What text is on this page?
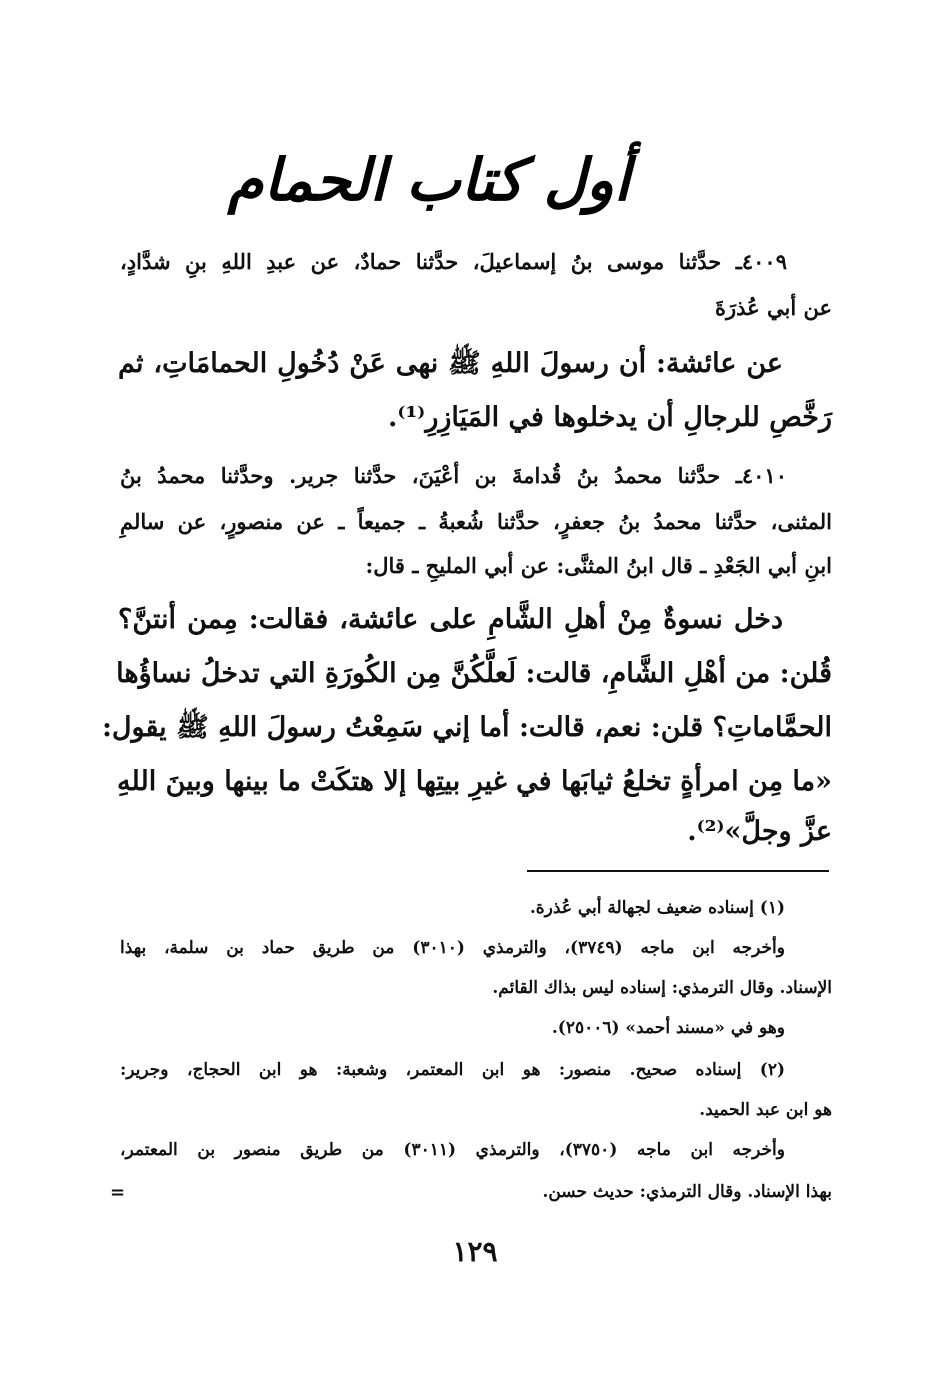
أول كتاب الحمام
٤٠٠٩ـ حدَّثنا موسى بنُ إسماعيلَ، حدَّثنا حمادٌ، عن عبدِ اللهِ بنِ شدَّادٍ،
عن أبي عُذرَةَ
عن عائشة: أن رسولَ اللهِ ﷺ نهى عَنْ دُخُولِ الحمامَاتِ، ثم
رَخَّصِ للرجالِ أن يدخلوها في المَيَازِرِ⁽¹⁾.
٤٠١٠ـ حدَّثنا محمدُ بنُ قُدامةَ بن أعْيَنَ، حدَّثنا جرير. وحدَّثنا محمدُ بنُ
المثنى، حدَّثنا محمدُ بنُ جعفرٍ، حدَّثنا شُعبةُ ـ جميعاً ـ عن منصورٍ، عن سالمِ
ابنِ أبي الجَعْدِ ـ قال ابنُ المثنَّى: عن أبي المليحِ ـ قال:
دخل نسوةٌ مِنْ أهلِ الشَّامِ على عائشة، فقالت: مِمن أنتنَّ؟
قُلن: من أهْلِ الشَّامِ، قالت: لَعلَّكُنَّ مِن الكُورَةِ التي تدخلُ نساؤُها
الحمَّاماتِ؟ قلن: نعم، قالت: أما إني سَمِعْتُ رسولَ اللهِ ﷺ يقول:
«ما مِن امرأةٍ تخلعُ ثيابَها في غيرِ بيتِها إلا هتكَتْ ما بينها وبينَ اللهِ
عزَّ وجلَّ»⁽²⁾.
(١) إسناده ضعيف لجهالة أبي عُذرة.
وأخرجه ابن ماجه (٣٧٤٩)، والترمذي (٣٠١٠) من طريق حماد بن سلمة، بهذا
الإسناد. وقال الترمذي: إسناده ليس بذاك القائم.
وهو في «مسند أحمد» (٢٥٠٠٦).
(٢) إسناده صحيح. منصور: هو ابن المعتمر، وشعبة: هو ابن الحجاج، وجرير:
هو ابن عبد الحميد.
وأخرجه ابن ماجه (٣٧٥٠)، والترمذي (٣٠١١) من طريق منصور بن المعتمر،
بهذا الإسناد. وقال الترمذي: حديث حسن.
=
١٢٩
